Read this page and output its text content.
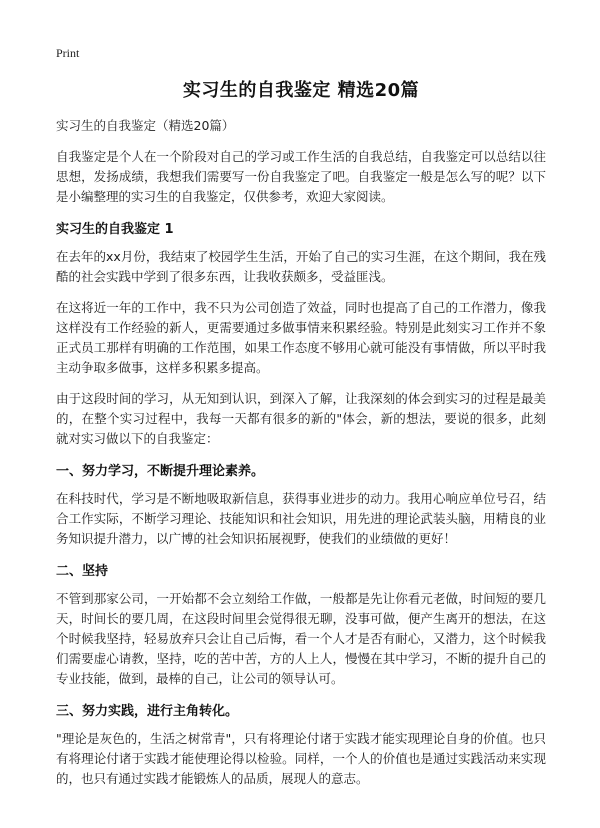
Print
实习生的自我鉴定 精选20篇
实习生的自我鉴定（精选20篇）

自我鉴定是个人在一个阶段对自己的学习或工作生活的自我总结，自我鉴定可以总结以往思想，发扬成绩，我想我们需要写一份自我鉴定了吧。自我鉴定一般是怎么写的呢？以下是小编整理的实习生的自我鉴定，仅供参考，欢迎大家阅读。

实习生的自我鉴定 1

在去年的xx月份，我结束了校园学生生活，开始了自己的实习生涯，在这个期间，我在残酷的社会实践中学到了很多东西，让我收获颇多，受益匪浅。

在这将近一年的工作中，我不只为公司创造了效益，同时也提高了自己的工作潜力，像我这样没有工作经验的新人，更需要通过多做事情来积累经验。特别是此刻实习工作并不象正式员工那样有明确的工作范围，如果工作态度不够用心就可能没有事情做，所以平时我主动争取多做事，这样多积累多提高。

由于这段时间的学习，从无知到认识，到深入了解，让我深刻的体会到实习的过程是最美的，在整个实习过程中，我每一天都有很多的新的"体会，新的想法，要说的很多，此刻就对实习做以下的自我鉴定：

一、努力学习，不断提升理论素养。

在科技时代，学习是不断地吸取新信息，获得事业进步的动力。我用心响应单位号召，结合工作实际，不断学习理论、技能知识和社会知识，用先进的理论武装头脑，用精良的业务知识提升潜力，以广博的社会知识拓展视野，使我们的业绩做的更好！

二、坚持

不管到那家公司，一开始都不会立刻给工作做，一般都是先让你看元老做，时间短的要几天，时间长的要几周，在这段时间里会觉得很无聊，没事可做，便产生离开的想法，在这个时候我坚持，轻易放弃只会让自己后悔，看一个人才是否有耐心，又潜力，这个时候我们需要虚心请教，坚持，吃的苦中苦，方的人上人，慢慢在其中学习，不断的提升自己的专业技能，做到，最棒的自己，让公司的领导认可。

三、努力实践，进行主角转化。

"理论是灰色的，生活之树常青"，只有将理论付诸于实践才能实现理论自身的价值。也只有将理论付诸于实践才能使理论得以检验。同样，一个人的价值也是通过实践活动来实现的，也只有通过实践才能锻炼人的品质，展现人的意志。
